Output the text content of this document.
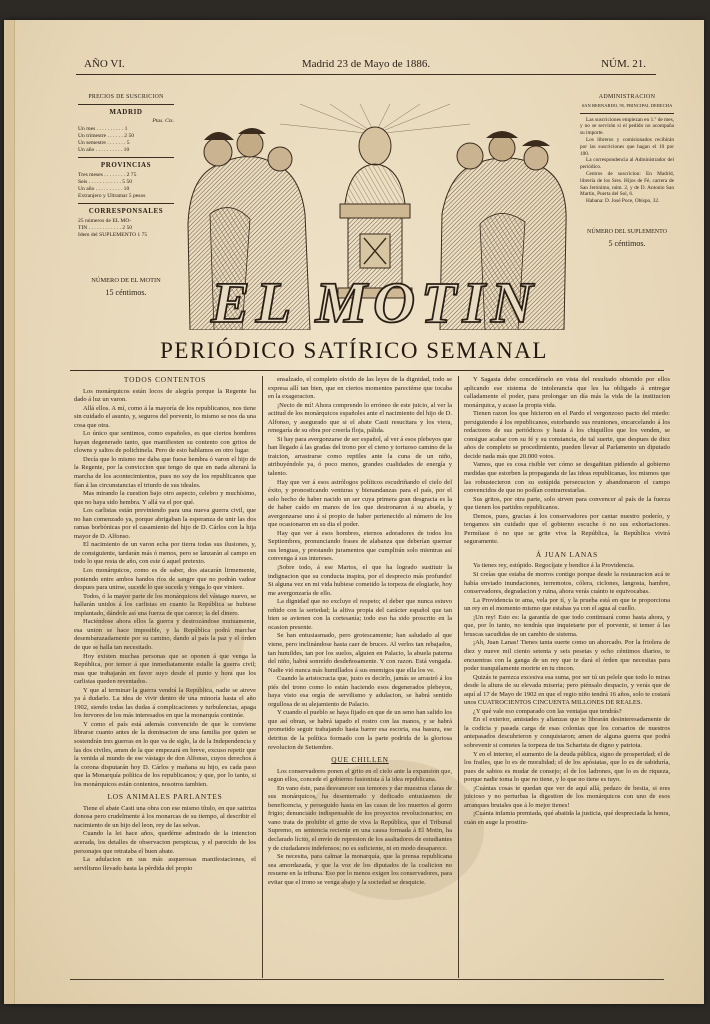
AÑO VI.	Madrid 23 de Mayo de 1886.	NÚM. 21.
PRECIOS DE SUSCRICION
MADRID
Ptas. Cts.
Un mes . . . . . . . . . . 1
Un trimestre . . . . . . 2 50
Un semestre . . . . . . . 5
Un año . . . . . . . . . . 10
PROVINCIAS
Tres meses . . . . . . . . 2 75
Seis . . . . . . . . . . . . 5 50
Un año . . . . . . . . . . 10
Extranjero y Ultramar 5 pesos
CORRESPONSALES
25 números de EL MO-
TIN . . . . . . . . . . . . 2 50
Idem del SUPLEMENTO 1 75
NÚMERO DE EL MOTIN
15 céntimos.
ADMINISTRACION
SAN BERNARDO, 95, PRINCIPAL DERECHA
Las suscriciones empiezan en 1.º de mes, y no se servirán si el pedido no acompaña su importe.
Los libreros y comisionados recibirán por las suscriciones que hagan el 10 por 100.
La correspondencia al Administrador del periódico.
Centros de suscricion: En Madrid, librería de los Sres. Hijos de Fé, carrera de San Jerónimo, núm. 2, y de D. Antonio San Martin, Puerta del Sol, 6.
Habana: D. José Poce, Obispo, 32.
NÚMERO DEL SUPLEMENTO
5 céntimos.
EL MOTIN
PERIÓDICO SATÍRICO SEMANAL
TODOS CONTENTOS

Los monárquicos están locos de alegría porque la Regente ha dado á luz un varon.

Allá ellos. A mí, como á la mayoría de los republicanos, nos tiene sin cuidado el asunto, y, seguros del porvenir, lo mismo se nos da una cosa que otra.

Lo único que sentimos, como españoles, es que ciertos hombres hayan degenerado tanto, que manifiesten su contento con gritos de clowns y saltos de polichinela. Pero de esto hablamos en otro lugar.

Decía que lo mismo me daba que fuese hembra ó varon el hijo de la Regente, por la conviccion que tengo de que en nada alterará la marcha de los acontecimientos, pues no soy de los republicanos que fían á las circunstancias el triunfo de sus ideales.

Mas mirando la cuestion bajo otro aspecto, celebro y muchísimo, que no haya sido hembra. Y allá va el por qué.

Los carlistas están previniendo para una nueva guerra civil, que no han comenzado ya, porque abrigaban la esperanza de unir las dos ramas borbónicas por el casamiento del hijo de D. Cárlos con la hija mayor de D. Alfonso.

El nacimiento de un varon echa por tierra todas sus ilusiones, y, de consiguiente, tardarán más ó menos, pero se lanzarán al campo en todo lo que resta de año, con este ú aquel pretexto.

Los monárquicos, como es de saber, dos atacarán lirmemente, poniendo entre ambos bandos ríos de sangre que no podrán vadear despues para unirse, sucede lo que suceda y venga lo que viniere.

Todos, ó la mayor parte de los monárquicos del vástago nuevo, se hallarán unidos á los carlistas en cuanto la República se hubiese implantado, dándole así una fuerza de que carece; la del dinero.

Haciéndose ahora ellos la guerra y destrozándose mutuamente, esa union se hace imposible, y la República podrá marchar desembarazadamente por su camino, dando al país la paz y el órden de que se halla tan necesitado.

Hoy existen muchas personas que se oponen á que venga la República, por temor á que inmediatamente estalle la guerra civil; mas que trabajarán en favor suyo desde el punto y hora que los carlistas queden reventados.

Y que al terminar la guerra vendrá la República, nadie se atreve ya á dudarlo. La idea de vivir dentro de una minoría hasta el año 1902, siendo todas las dudas á complicaciones y turbulencias, apaga los fervores de los más interesados en que la monarquía continúe.

Y como el país está además convencido de que le conviene librarse cuanto antes de la dominacion de una familia por quien se sostendrán tres guerras en lo que va de siglo, la de la Independencia y las dos civiles, amen de la que empezará en breve, excuso repetir que la venida al mundo de ese vástago de don Alfonso, cuyos derechos á la corona disputarán hoy D. Cárlos y mañana su hijo, es cada paso que la Monarquía política de los republicanos; y que, por lo tanto, si los monárquicos están contentos, nosotros tambien.

LOS ANIMALES PARLANTES

Tiene el abate Casti una obra con ese mismo título, en que satiriza donosa pero crudelmente á los monarcas de su tiempo, al describir el nacimiento de un hijo del leon, rey de las selvas.

Cuando la lei hace años, quedéme admirado de la intencion acerada, los detalles de observacion perspicua, y el parecido de los personajes que retrataba el buen abate.

La adulacion en sus más asquerosas manifestaciones, el servilismo llevado hasta la pérdida del propio

ensalzado, el completo olvido de las leyes de la dignidad, todo se expresa allí tan bien, que en ciertos momentos pareciéme que tocaba en la exageracion.

¡Necio de mí! Ahora comprendo lo erróneo de este juicio, al ver la actitud de los monárquicos españoles ante el nacimiento del hijo de D. Alfonso, y asegurado que si el abate Casti resucitara y los viera, renegaría de su obra por creerla floja, pálida.

Si hay para avergonzarse de ser español, al ver á esos plebeyos que han llegado á las gradas del trono por el cieno y tortuoso camino de la traicion, arrastrarse como reptiles ante la cuna de un niño, atribuyéndole ya, ó poco menos, grandes cualidades de energía y talento.

Hay que ver á esos astrólogos políticos escudriñando el cielo del éxito, y pronosticando venturas y bienandanzas para el país, por el solo hecho de haber nacido un ser cuya primera gran desgracia es la de haber caído en manos de los que destronaron á su abuela, y avergonzarse uno á sí propio de haber pertenecido al número de los que ocasionaron en su dia el poder.

Hay que ver á esos hombres, eternos adoradores de todos los Septiembres, pronunciando frases de alabanza que deberían quemar sus lenguas, y prestando juramentos que cumplirán solo mientras así convenga á sus intereses.

¡Sobre todo, á ese Martos, el que ha logrado sustituir la indignacion que su conducta inspira, por el desprecio más profundo! Si alguna vez en mi vida hubiese cometido la torpeza de elogiarle, hoy me avergonzaría de ello.

La dignidad que no excluye el respeto; el deber que nunca estuvo reñido con la seriedad; la altiva propia del carácter español que tan bien se avienen con la cortesanía; todo eso ha sido proscrito en la ocasion presente.

Se han entusiasmado, pero grotescamente; han saludado al que viene, pero inclinándose hasta caer de bruces. Al verlos tan rebajados, tan humildes, tan por los suelos, alguien en Palacio, la abuela paterna del niño, habrá sonreído desdeñosamente. Y con razon. Está vengada. Nadie vió nunca más humillados á sus enemigos que ella los ve.

Cuando la aristocracia que, justo es decirlo, jamás se arrastró á los piés del trono como lo están haciendo esos degenerados plebeyos, haya visto esa orgía de servilismo y adulacion, se habrá sentido orgullosa de su alejamiento de Palacio.

Y cuando el pueblo se haya fijado en que de un seno han salido los que así obran, se habrá tapado el rostro con las manos, y se habrá prometido seguir trabajando hasta barrer esa escoria, esa basura, ese detritus de la política formado con la parte podrida de la gloriosa revolucion de Setiembre.

QUE CHILLEN

Los conservadores ponen el grito en el cielo ante la expansion que, segun ellos, concede el gobierno fusionista á la idea republicana.

En vano éste, para desvanecer sus temores y dar muestras claras de sus monárquicos, ha desenterrado y dedicado entusiasmos de beneficencia, y perseguido hasta en las casas de los muertos al gorro frigio; denunciado indispensable de los proyectos revolucionarios; en vano trata de prohibir el grito de viva la República, que el Tribunal Supremo, en sentencia reciente en una causa formada á El Motin, ha declarado lícito, el envío de represion de los asaltadores de estudiantes y de ciudadanos indefensos; no es suficiente, ni en modo desaparece.

Se necesita, para calmar la monarquía, que la prensa republicana sea amordazada, y que la voz de los diputados de la coalicion no resuene en la tribuna. Eso por lo menos exigen los conservadores, para evitar que el trono se venga abajo y la sociedad se desquicie.

Y Sagasta debe concedérselo en vista del resultado obtenido por ellos aplicando ese sistema de intolerancia que les ha obligado á entregar calladamente el poder, para prolongar un día más la vida de la institucion monárquica, y acaso la propia vida.

Tienen razon los que hicieron en el Pardo el vergonzoso pacto del miedo: persiguiendo á los republicanos, estorbando sus reuniones, encarcelando á los redactores de sus periódicos y hasta á los chiquillos que los venden, se consigue acabar con su fé y su constancia, de tal suerte, que despues de diez años de completo se procedimiento, pueden llevar al Parlamento un diputado decide nada más que 20.000 votos.

Vamos, que es cosa risible ver cómo se desgañitan pidiendo al gobierno medidas que estorben la propaganda de las ideas republicanas, los mismos que las robustecieron con su estúpida persecucion y abandonaron el campo convencidos de que no podían contrarrestarlas.

Sus gritos, por otra parte, solo sirven para convencer al país de la fuerza que tienen los partidos republicanos.

Demos, pues, gracias á los conservadores por cantar nuestro poderío, y tengamos sin cuidado que el gobierno escuche ó no sus exhortaciones. Permítase ó no que se grite viva la República, la República vivirá seguramente.

Á JUAN LANAS

Ya tienes rey, estúpido. Regocíjate y bendice á la Providencia.

Si creías que estaba de morros contigo porque desde la restauracion acá te había enviado inundaciones, terremotos, cólera, ciclones, langosta, hambre, conservadores, degradacion y ruina, ahora verás cuánto te equivocabas.

La Providencia te ama, vela por tí, y la prueba está en que te proporciona un rey en el momento mismo que estabas ya con el agua al cuello.

¡Un rey! Esto es: la garantía de que todo continuará como hasta ahora, y que, por lo tanto, no tendrás que inquietarte por el porvenir, si temer á las bruscas sacudidas de un cambio de sistema.

¡Ah, Juan Lanas! Tienes tanta suerte como un ahorcado. Por la friolera de diez y nueve mil ciento setenta y seis pesetas y ocho céntimos diarios, te encuentras con la ganga de un rey que te dará el órden que necesitas para poder tranquilamente morirte en tu rincon.

Quizás te parezca excesiva esa suma, por ser tú un pelele que todo lo miras desde la altura de su elevada miseria; pero piénsalo despacio, y verás que de aquí al 17 de Mayo de 1902 en que el regio niño tendrá 16 años, solo te costará unos CUATROCIENTOS CINCUENTA MILLONES DE REALES.

¿Y qué vale eso comparado con las ventajas que tendrás?

En el exterior, amistades y alianzas que te librarán desinteresadamente de la codicia y pasada carga de esas colonias que los corsarios de nuestros antepasados descubrieron y conquistaron; amen de alguna guerra que podrá sobrevenir si cometes la torpeza de tus Scharista de digno y patriota.

Y en el interior, el aumento de la deuda pública, signo de prosperidad; el de los frailes, que lo es de moralidad; el de los apóstatas, que lo es de sabiduría, pues de sabios es mudar de consejo; el de los ladrones, que lo es de riqueza, porque nadie toma lo que no tiene, y lo que no tiene es tuyo.

¡Cuántas cosas te quedan que ver de aquí allá, pedazo de bestia, si eres juicioso y no perturbas la digestion de los monárquicos con uno de esos arranques brutales que á lo mejor tienes!

¡Cuánta infamia premiada, qué abatida la justicia, qué despreciada la honra, cuán en auge la prostitu-
